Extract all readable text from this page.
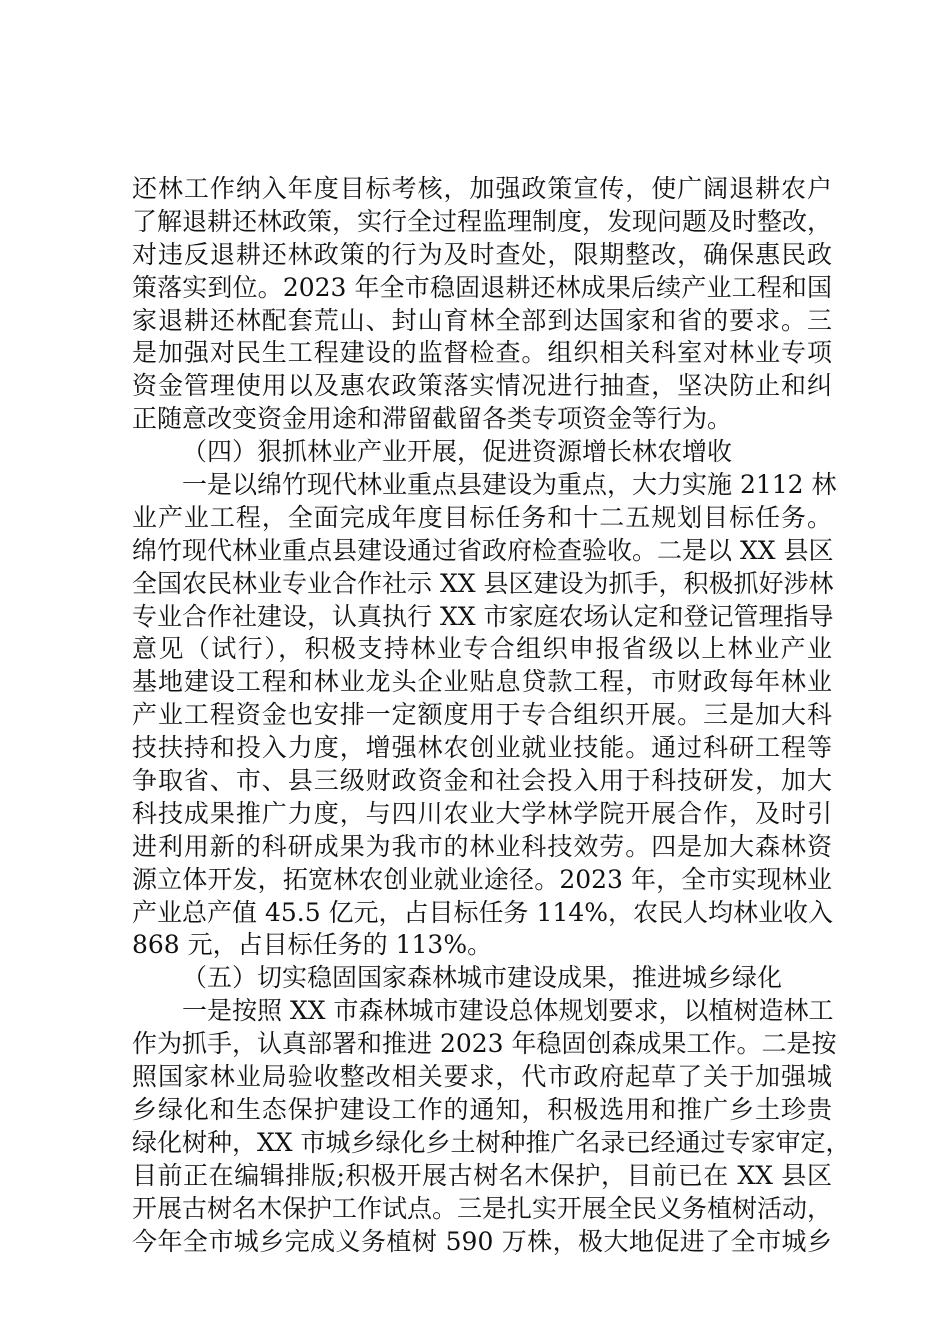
还林工作纳入年度目标考核，加强政策宣传，使广阔退耕农户
了解退耕还林政策，实行全过程监理制度，发现问题及时整改，
对违反退耕还林政策的行为及时查处，限期整改，确保惠民政
策落实到位。2023 年全市稳固退耕还林成果后续产业工程和国
家退耕还林配套荒山、封山育林全部到达国家和省的要求。三
是加强对民生工程建设的监督检查。组织相关科室对林业专项
资金管理使用以及惠农政策落实情况进行抽查，坚决防止和纠
正随意改变资金用途和滞留截留各类专项资金等行为。
（四）狠抓林业产业开展，促进资源增长林农增收
一是以绵竹现代林业重点县建设为重点，大力实施 2112 林
业产业工程，全面完成年度目标任务和十二五规划目标任务。
绵竹现代林业重点县建设通过省政府检查验收。二是以 XX 县区
全国农民林业专业合作社示 XX 县区建设为抓手，积极抓好涉林
专业合作社建设，认真执行 XX 市家庭农场认定和登记管理指导
意见（试行），积极支持林业专合组织申报省级以上林业产业
基地建设工程和林业龙头企业贴息贷款工程，市财政每年林业
产业工程资金也安排一定额度用于专合组织开展。三是加大科
技扶持和投入力度，增强林农创业就业技能。通过科研工程等
争取省、市、县三级财政资金和社会投入用于科技研发，加大
科技成果推广力度，与四川农业大学林学院开展合作，及时引
进利用新的科研成果为我市的林业科技效劳。四是加大森林资
源立体开发，拓宽林农创业就业途径。2023 年，全市实现林业
产业总产值 45.5 亿元，占目标任务 114%，农民人均林业收入
868 元，占目标任务的 113%。
（五）切实稳固国家森林城市建设成果，推进城乡绿化
一是按照 XX 市森林城市建设总体规划要求，以植树造林工
作为抓手，认真部署和推进 2023 年稳固创森成果工作。二是按
照国家林业局验收整改相关要求，代市政府起草了关于加强城
乡绿化和生态保护建设工作的通知，积极选用和推广乡土珍贵
绿化树种，XX 市城乡绿化乡土树种推广名录已经通过专家审定，
目前正在编辑排版;积极开展古树名木保护，目前已在 XX 县区
开展古树名木保护工作试点。三是扎实开展全民义务植树活动，
今年全市城乡完成义务植树 590 万株，极大地促进了全市城乡
